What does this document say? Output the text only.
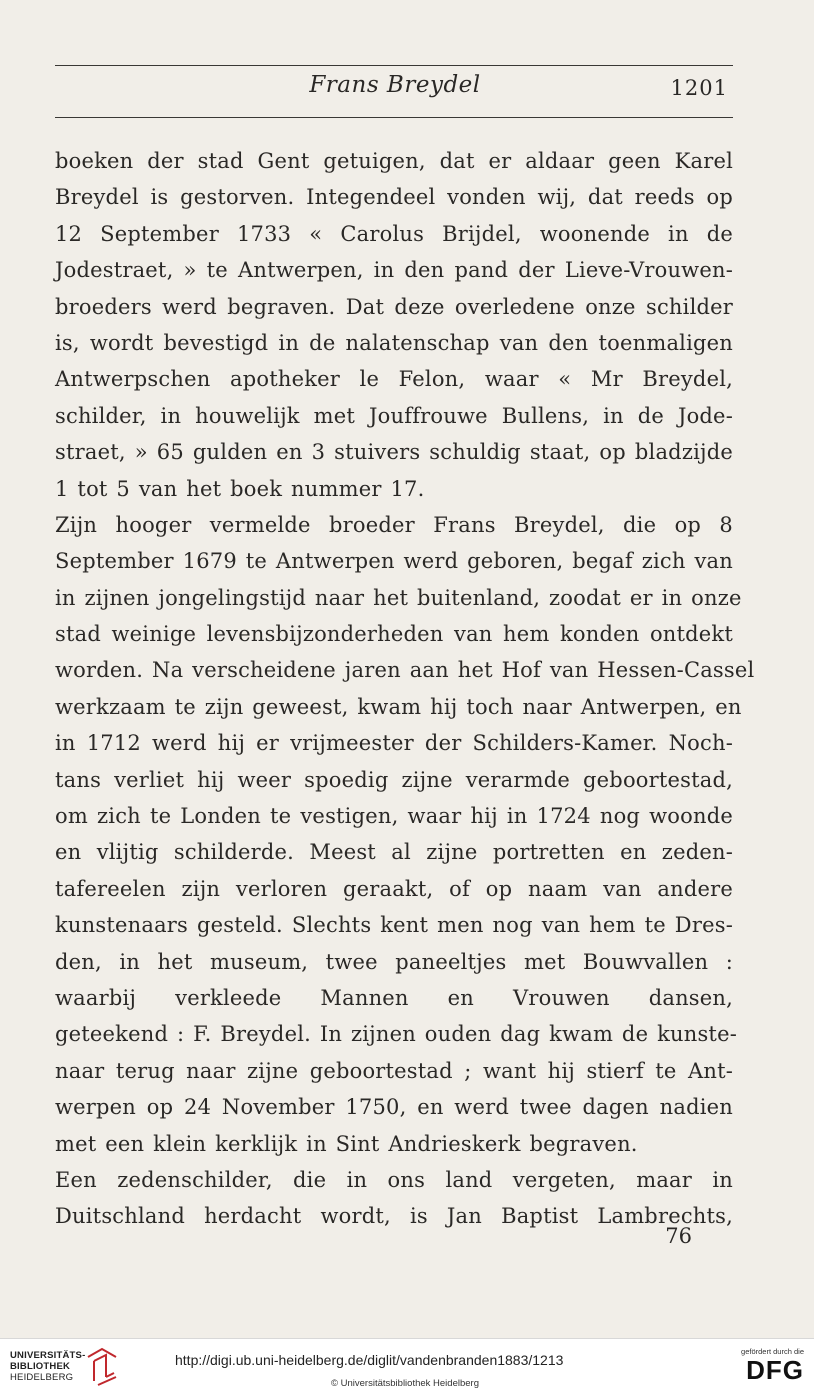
Frans Breydel	1201
boeken der stad Gent getuigen, dat er aldaar geen Karel
Breydel is gestorven. Integendeel vonden wij, dat reeds op
12 September 1733 « Carolus Brijdel, woonende in de
Jodestraet, » te Antwerpen, in den pand der Lieve-Vrouwen-
broeders werd begraven. Dat deze overledene onze schilder
is, wordt bevestigd in de nalatenschap van den toenmaligen
Antwerpschen apotheker le Felon, waar « Mr Breydel,
schilder, in houwelijk met Jouffrouwe Bullens, in de Jode-
straet, » 65 gulden en 3 stuivers schuldig staat, op bladzijde
1 tot 5 van het boek nummer 17.
Zijn hooger vermelde broeder Frans Breydel, die op 8
September 1679 te Antwerpen werd geboren, begaf zich van
in zijnen jongelingstijd naar het buitenland, zoodat er in onze
stad weinige levensbijzonderheden van hem konden ontdekt
worden. Na verscheidene jaren aan het Hof van Hessen-Cassel
werkzaam te zijn geweest, kwam hij toch naar Antwerpen, en
in 1712 werd hij er vrijmeester der Schilders-Kamer. Noch-
tans verliet hij weer spoedig zijne verarmde geboortestad,
om zich te Londen te vestigen, waar hij in 1724 nog woonde
en vlijtig schilderde. Meest al zijne portretten en zeden-
tafereelen zijn verloren geraakt, of op naam van andere
kunstenaars gesteld. Slechts kent men nog van hem te Dres-
den, in het museum, twee paneeltjes met Bouwvallen :
waarbij verkleede Mannen en Vrouwen dansen,
geteekend : F. Breydel. In zijnen ouden dag kwam de kunste-
naar terug naar zijne geboortestad ; want hij stierf te Ant-
werpen op 24 November 1750, en werd twee dagen nadien
met een klein kerklijk in Sint Andrieskerk begraven.
Een zedenschilder, die in ons land vergeten, maar in
Duitschland herdacht wordt, is Jan Baptist Lambrechts,
76
UNIVERSITÄTS-
BIBLIOTHEK
HEIDELBERG
http://digi.ub.uni-heidelberg.de/diglit/vandenbranden1883/1213
© Universitätsbibliothek Heidelberg
gefördert durch die
DFG
